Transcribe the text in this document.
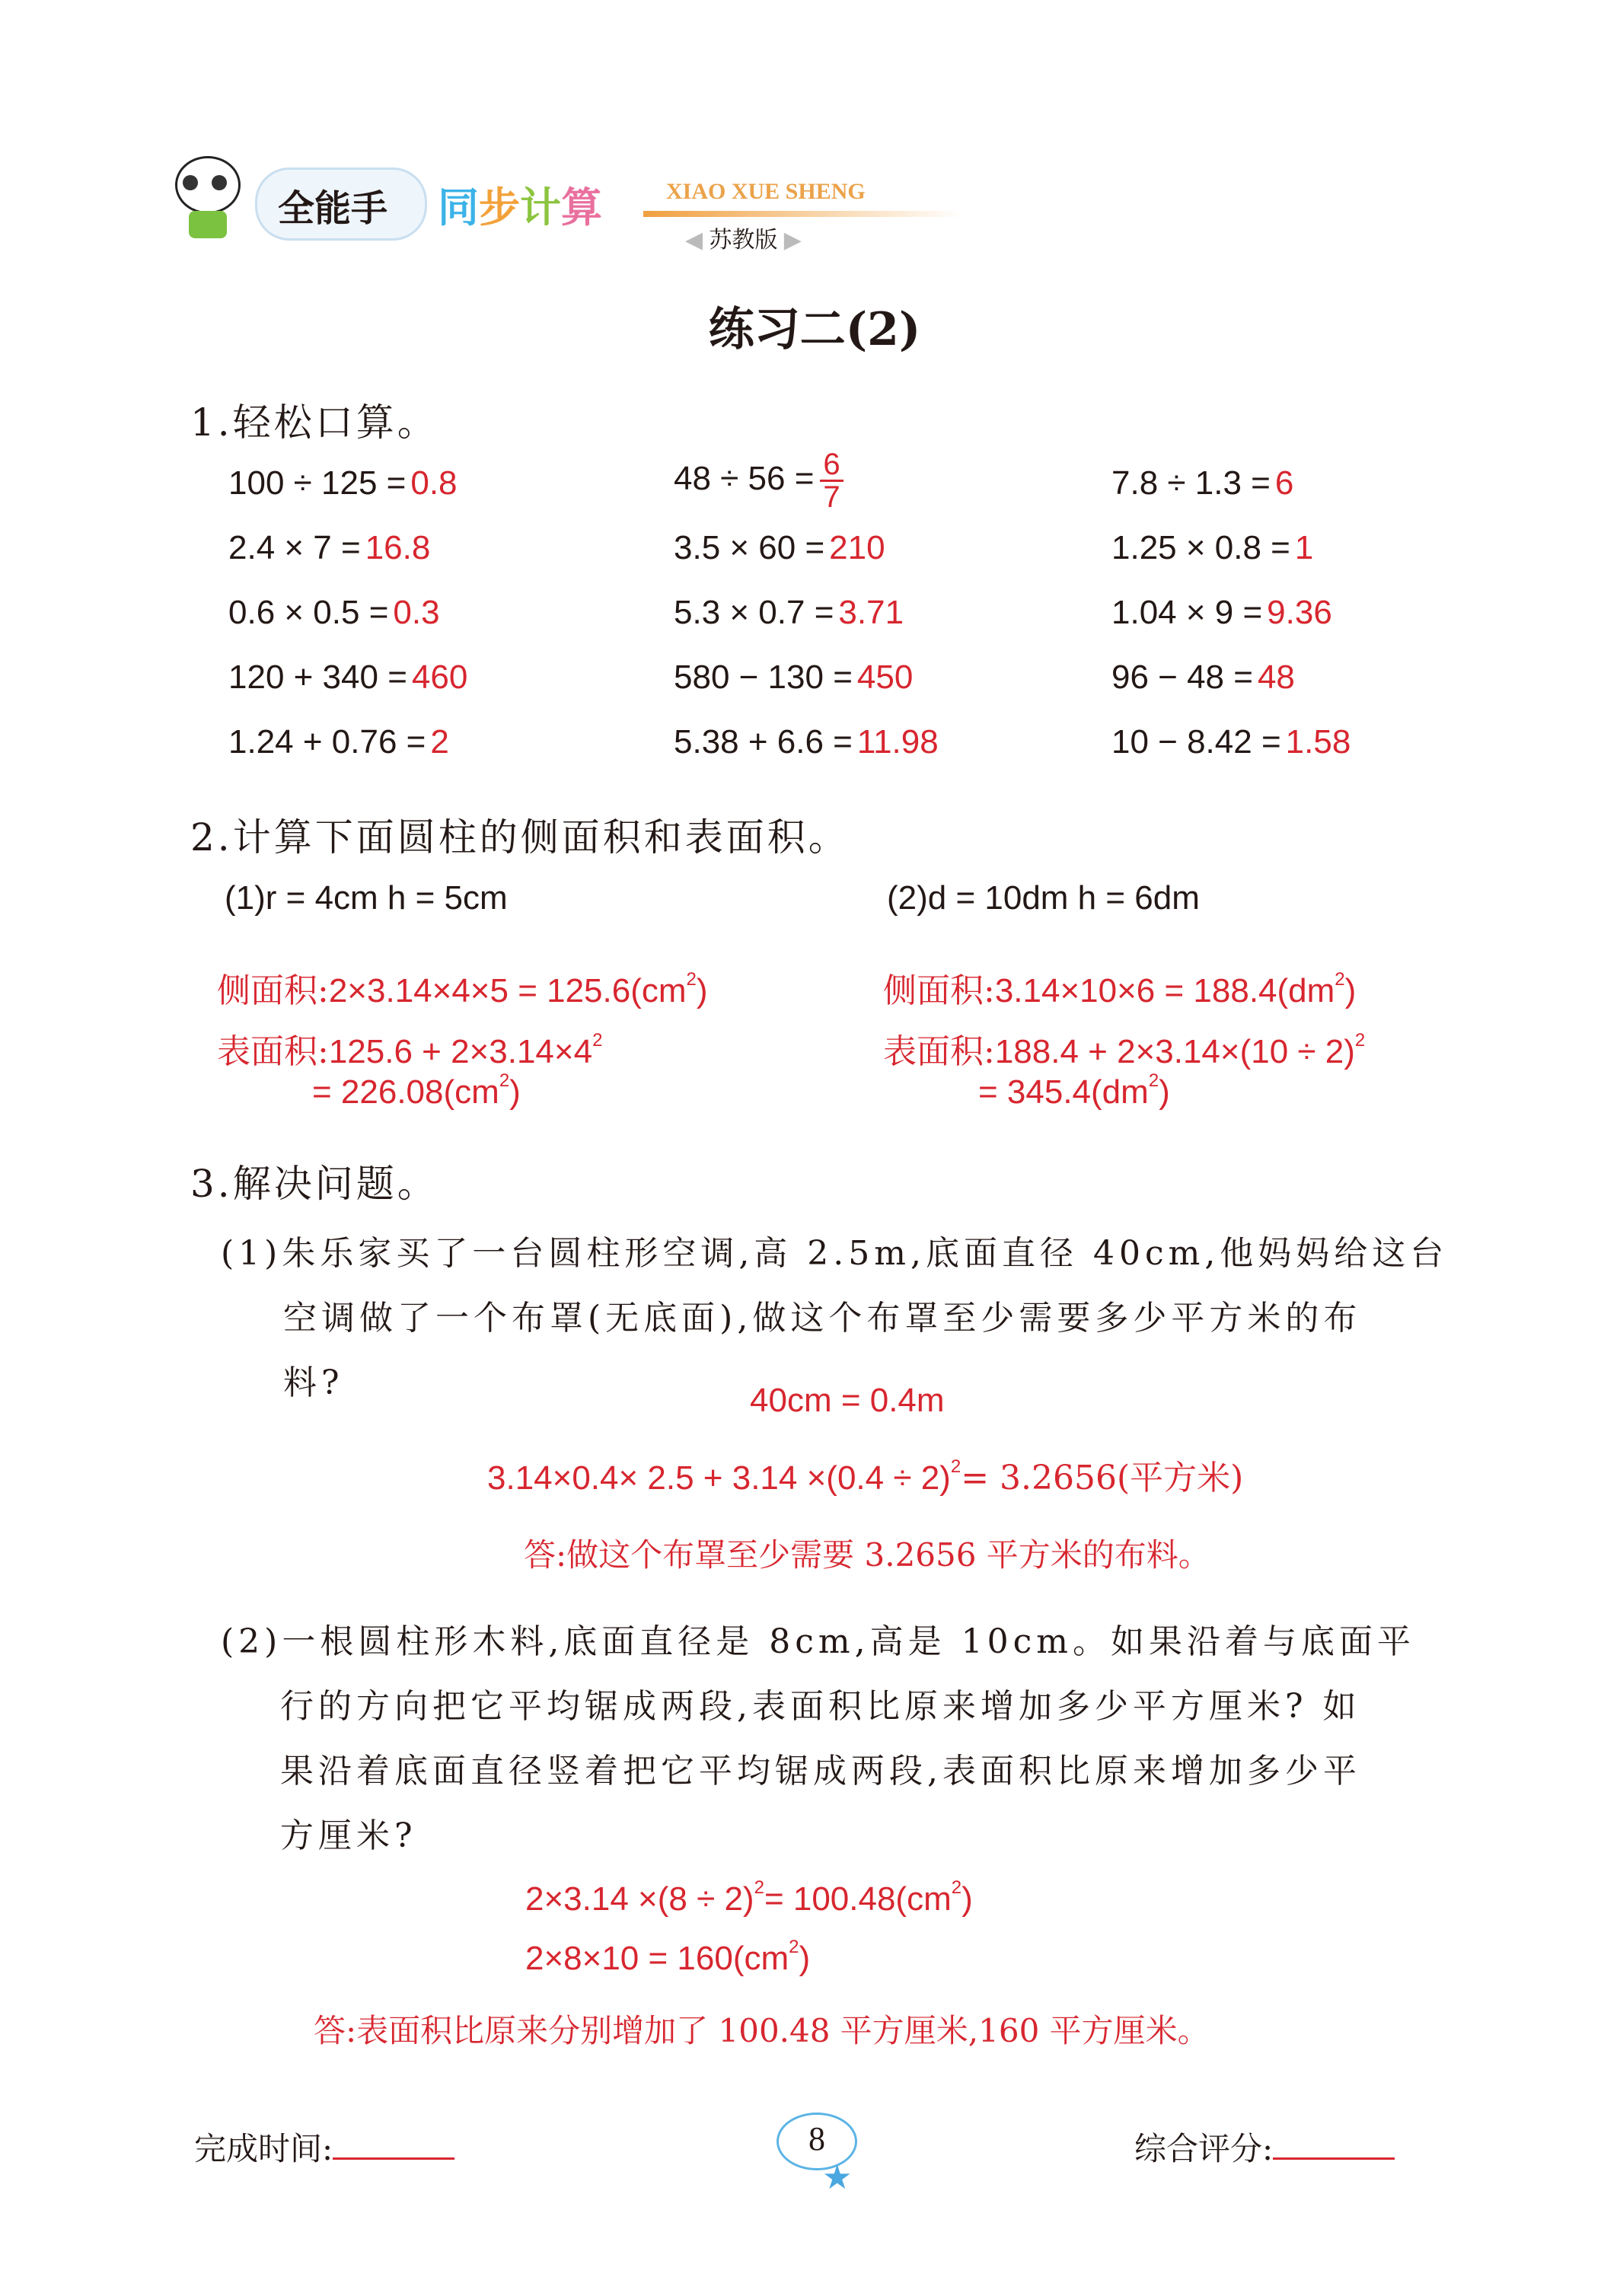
全能手 同步计算	XIAO XUE SHENG
◀ 苏教版 ▶
练习二(2)
1.轻松口算。
100 ÷ 125 = 0.8	$48 \div 56 = \frac{6}{7}$	7.8 ÷ 1.3 = 6
2.4 × 7 = 16.8	3.5 × 60 = 210	1.25 × 0.8 = 1
0.6 × 0.5 = 0.3	5.3 × 0.7 = 3.71	1.04 × 9 = 9.36
120 + 340 = 460	580 − 130 = 450	96 − 48 = 48
1.24 + 0.76 = 2	5.38 + 6.6 = 11.98	10 − 8.42 = 1.58
2.计算下面圆柱的侧面积和表面积。
(1)r = 4cm h = 5cm	(2)d = 10dm h = 6dm
侧面积:2×3.14×4×5 = $125.6(cm^2)$
表面积:125.6 + $2\times 3.14\times 4^2$
= $226.08(cm^2)$
侧面积:3.14×10×6 = $188.4(dm^2)$
表面积:188.4 + $2\times 3.14\times(10 \div 2)^2$
= $345.4(dm^2)$
3.解决问题。
(1)朱乐家买了一台圆柱形空调,高 2.5m,底面直径 40cm,他妈妈给这台
空调做了一个布罩(无底面),做这个布罩至少需要多少平方米的布
料?	40cm = 0.4m
$3.14\times 0.4\times 2.5 + 3.14 \times(0.4 \div 2)^2= 3.2656$(平方米)
答:做这个布罩至少需要 3.2656 平方米的布料。
(2)一根圆柱形木料,底面直径是 8cm,高是 10cm。如果沿着与底面平
行的方向把它平均锯成两段,表面积比原来增加多少平方厘米? 如
果沿着底面直径竖着把它平均锯成两段,表面积比原来增加多少平
方厘米?
$2\times 3.14 \times(8 \div 2)^2= 100.48(cm^2)$
$2\times 8\times 10 = 160(cm^2)$
答:表面积比原来分别增加了 100.48 平方厘米,160 平方厘米。
完成时间:	8
★
综合评分:
